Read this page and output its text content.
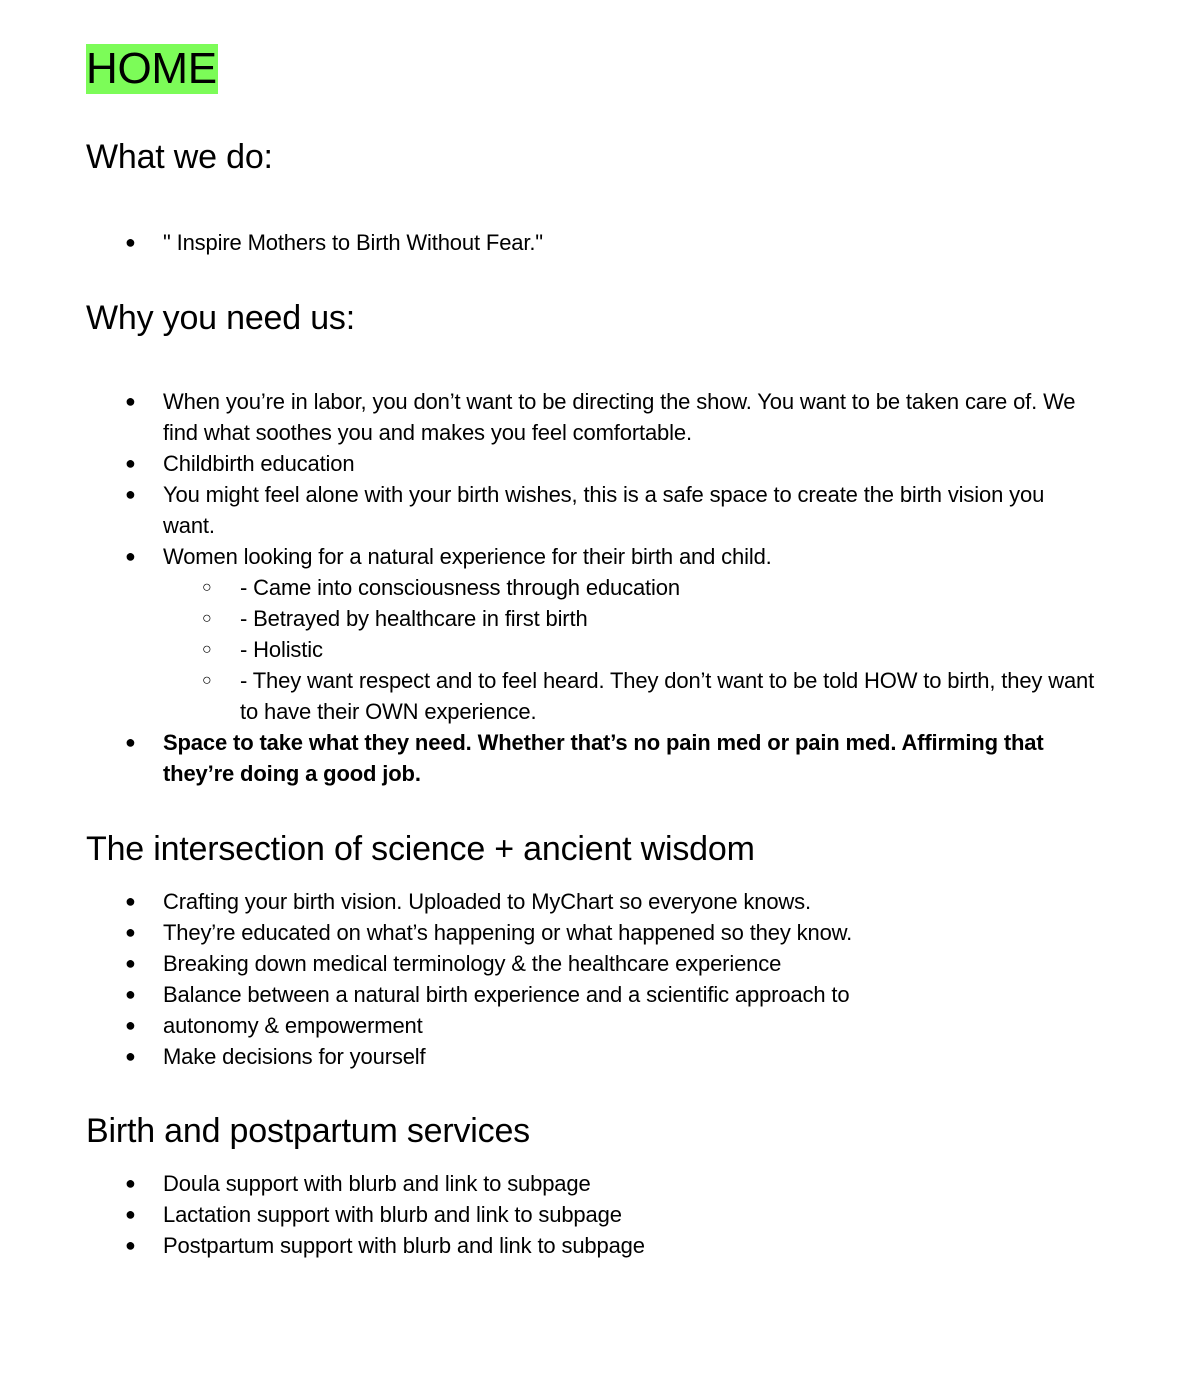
HOME
What we do:
●	" Inspire Mothers to Birth Without Fear."
Why you need us:
●	When you’re in labor, you don’t want to be directing the show. You want to be taken care of. We find what soothes you and makes you feel comfortable.
●	Childbirth education
●	You might feel alone with your birth wishes, this is a safe space to create the birth vision you want.
●	Women looking for a natural experience for their birth and child.
○	- Came into consciousness through education
○	- Betrayed by healthcare in first birth
○	- Holistic
○	- They want respect and to feel heard. They don’t want to be told HOW to birth, they want to have their OWN experience.
●	Space to take what they need. Whether that’s no pain med or pain med. Affirming that they’re doing a good job.
The intersection of science + ancient wisdom
●	Crafting your birth vision. Uploaded to MyChart so everyone knows.
●	They’re educated on what’s happening or what happened so they know.
●	Breaking down medical terminology & the healthcare experience
●	Balance between a natural birth experience and a scientific approach to
●	autonomy & empowerment
●	Make decisions for yourself
Birth and postpartum services
●	Doula support with blurb and link to subpage
●	Lactation support with blurb and link to subpage
●	Postpartum support with blurb and link to subpage
